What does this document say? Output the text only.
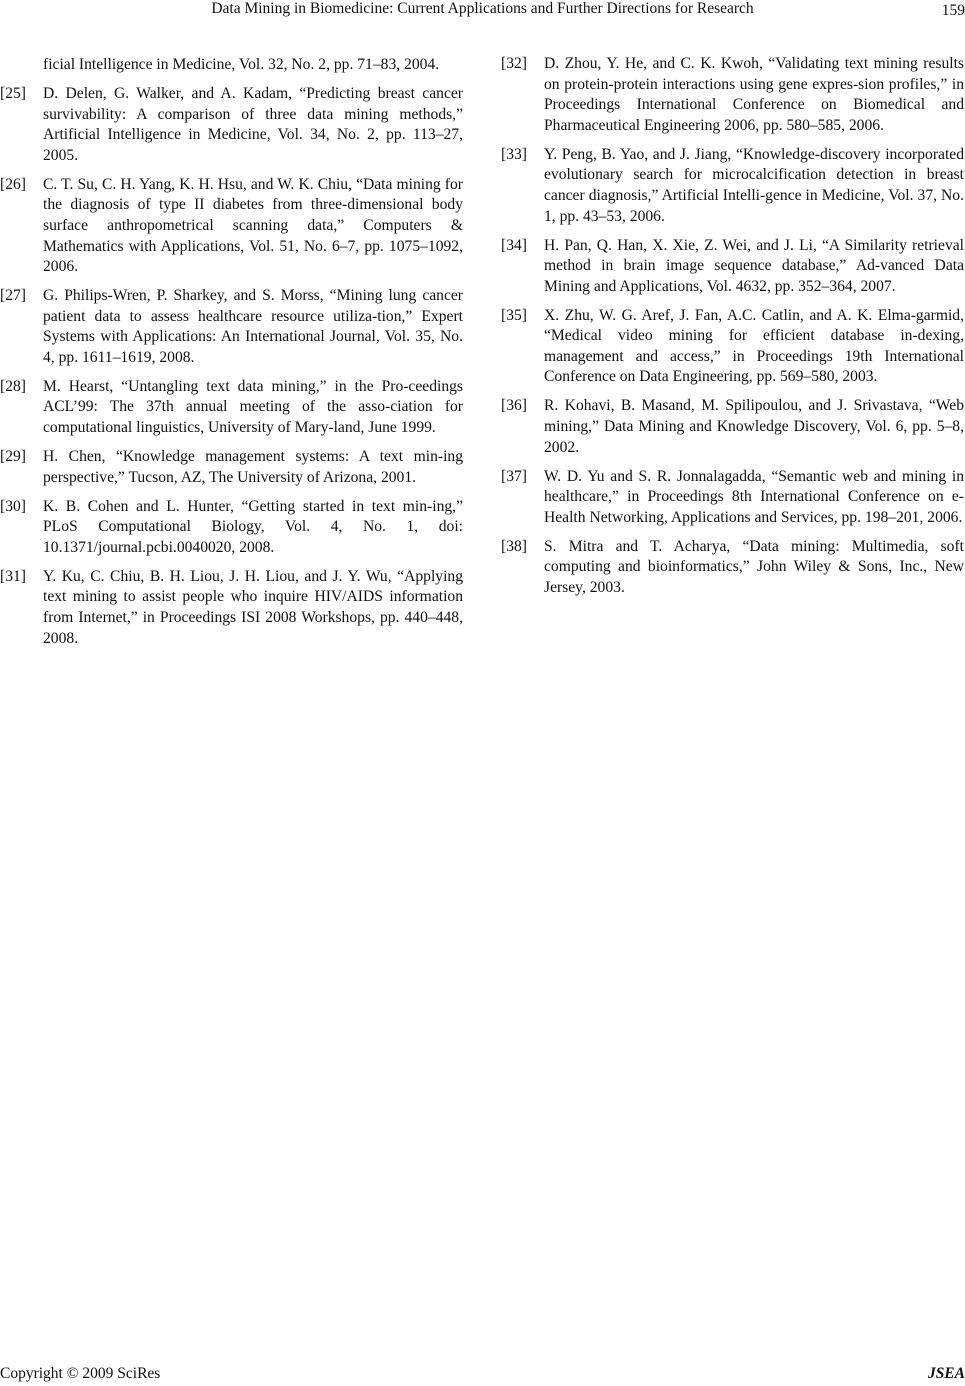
Data Mining in Biomedicine: Current Applications and Further Directions for Research	159
ficial Intelligence in Medicine, Vol. 32, No. 2, pp. 71–83, 2004.
[25] D. Delen, G. Walker, and A. Kadam, “Predicting breast cancer survivability: A comparison of three data mining methods,” Artificial Intelligence in Medicine, Vol. 34, No. 2, pp. 113–27, 2005.
[26] C. T. Su, C. H. Yang, K. H. Hsu, and W. K. Chiu, “Data mining for the diagnosis of type II diabetes from three-dimensional body surface anthropometrical scanning data,” Computers & Mathematics with Applications, Vol. 51, No. 6–7, pp. 1075–1092, 2006.
[27] G. Philips-Wren, P. Sharkey, and S. Morss, “Mining lung cancer patient data to assess healthcare resource utiliza-tion,” Expert Systems with Applications: An International Journal, Vol. 35, No. 4, pp. 1611–1619, 2008.
[28] M. Hearst, “Untangling text data mining,” in the Pro-ceedings ACL’99: The 37th annual meeting of the asso-ciation for computational linguistics, University of Mary-land, June 1999.
[29] H. Chen, “Knowledge management systems: A text min-ing perspective,” Tucson, AZ, The University of Arizona, 2001.
[30] K. B. Cohen and L. Hunter, “Getting started in text min-ing,” PLoS Computational Biology, Vol. 4, No. 1, doi: 10.1371/journal.pcbi.0040020, 2008.
[31] Y. Ku, C. Chiu, B. H. Liou, J. H. Liou, and J. Y. Wu, “Applying text mining to assist people who inquire HIV/AIDS information from Internet,” in Proceedings ISI 2008 Workshops, pp. 440–448, 2008.
[32] D. Zhou, Y. He, and C. K. Kwoh, “Validating text mining results on protein-protein interactions using gene expres-sion profiles,” in Proceedings International Conference on Biomedical and Pharmaceutical Engineering 2006, pp. 580–585, 2006.
[33] Y. Peng, B. Yao, and J. Jiang, “Knowledge-discovery incorporated evolutionary search for microcalcification detection in breast cancer diagnosis,” Artificial Intelli-gence in Medicine, Vol. 37, No. 1, pp. 43–53, 2006.
[34] H. Pan, Q. Han, X. Xie, Z. Wei, and J. Li, “A Similarity retrieval method in brain image sequence database,” Ad-vanced Data Mining and Applications, Vol. 4632, pp. 352–364, 2007.
[35] X. Zhu, W. G. Aref, J. Fan, A.C. Catlin, and A. K. Elma-garmid, “Medical video mining for efficient database in-dexing, management and access,” in Proceedings 19th International Conference on Data Engineering, pp. 569–580, 2003.
[36] R. Kohavi, B. Masand, M. Spilipoulou, and J. Srivastava, “Web mining,” Data Mining and Knowledge Discovery, Vol. 6, pp. 5–8, 2002.
[37] W. D. Yu and S. R. Jonnalagadda, “Semantic web and mining in healthcare,” in Proceedings 8th International Conference on e-Health Networking, Applications and Services, pp. 198–201, 2006.
[38] S. Mitra and T. Acharya, “Data mining: Multimedia, soft computing and bioinformatics,” John Wiley & Sons, Inc., New Jersey, 2003.
Copyright © 2009 SciRes	JSEA
